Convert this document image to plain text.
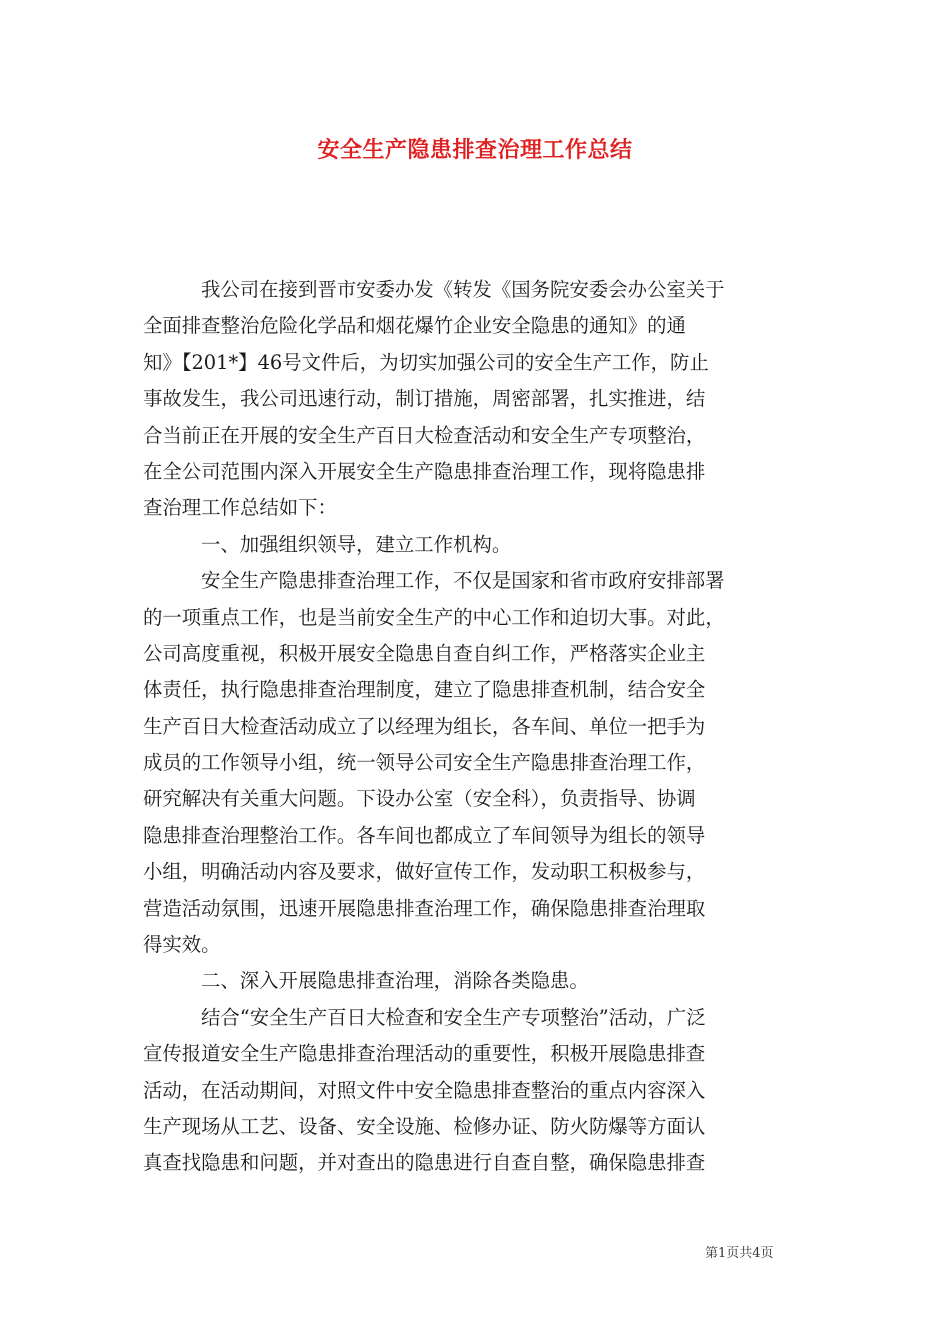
安全生产隐患排查治理工作总结
我公司在接到晋市安委办发《转发《国务院安委会办公室关于
全面排查整治危险化学品和烟花爆竹企业安全隐患的通知》的通
知》【201*】46号文件后，为切实加强公司的安全生产工作，防止
事故发生，我公司迅速行动，制订措施，周密部署，扎实推进，结
合当前正在开展的安全生产百日大检查活动和安全生产专项整治，
在全公司范围内深入开展安全生产隐患排查治理工作，现将隐患排
查治理工作总结如下：
一、加强组织领导，建立工作机构。
安全生产隐患排查治理工作，不仅是国家和省市政府安排部署
的一项重点工作，也是当前安全生产的中心工作和迫切大事。对此，
公司高度重视，积极开展安全隐患自查自纠工作，严格落实企业主
体责任，执行隐患排查治理制度，建立了隐患排查机制，结合安全
生产百日大检查活动成立了以经理为组长，各车间、单位一把手为
成员的工作领导小组，统一领导公司安全生产隐患排查治理工作，
研究解决有关重大问题。下设办公室（安全科），负责指导、协调
隐患排查治理整治工作。各车间也都成立了车间领导为组长的领导
小组，明确活动内容及要求，做好宣传工作，发动职工积极参与，
营造活动氛围，迅速开展隐患排查治理工作，确保隐患排查治理取
得实效。
二、深入开展隐患排查治理，消除各类隐患。
结合“安全生产百日大检查和安全生产专项整治”活动，广泛
宣传报道安全生产隐患排查治理活动的重要性，积极开展隐患排查
活动，在活动期间，对照文件中安全隐患排查整治的重点内容深入
生产现场从工艺、设备、安全设施、检修办证、防火防爆等方面认
真查找隐患和问题，并对查出的隐患进行自查自整，确保隐患排查
第1页共4页
